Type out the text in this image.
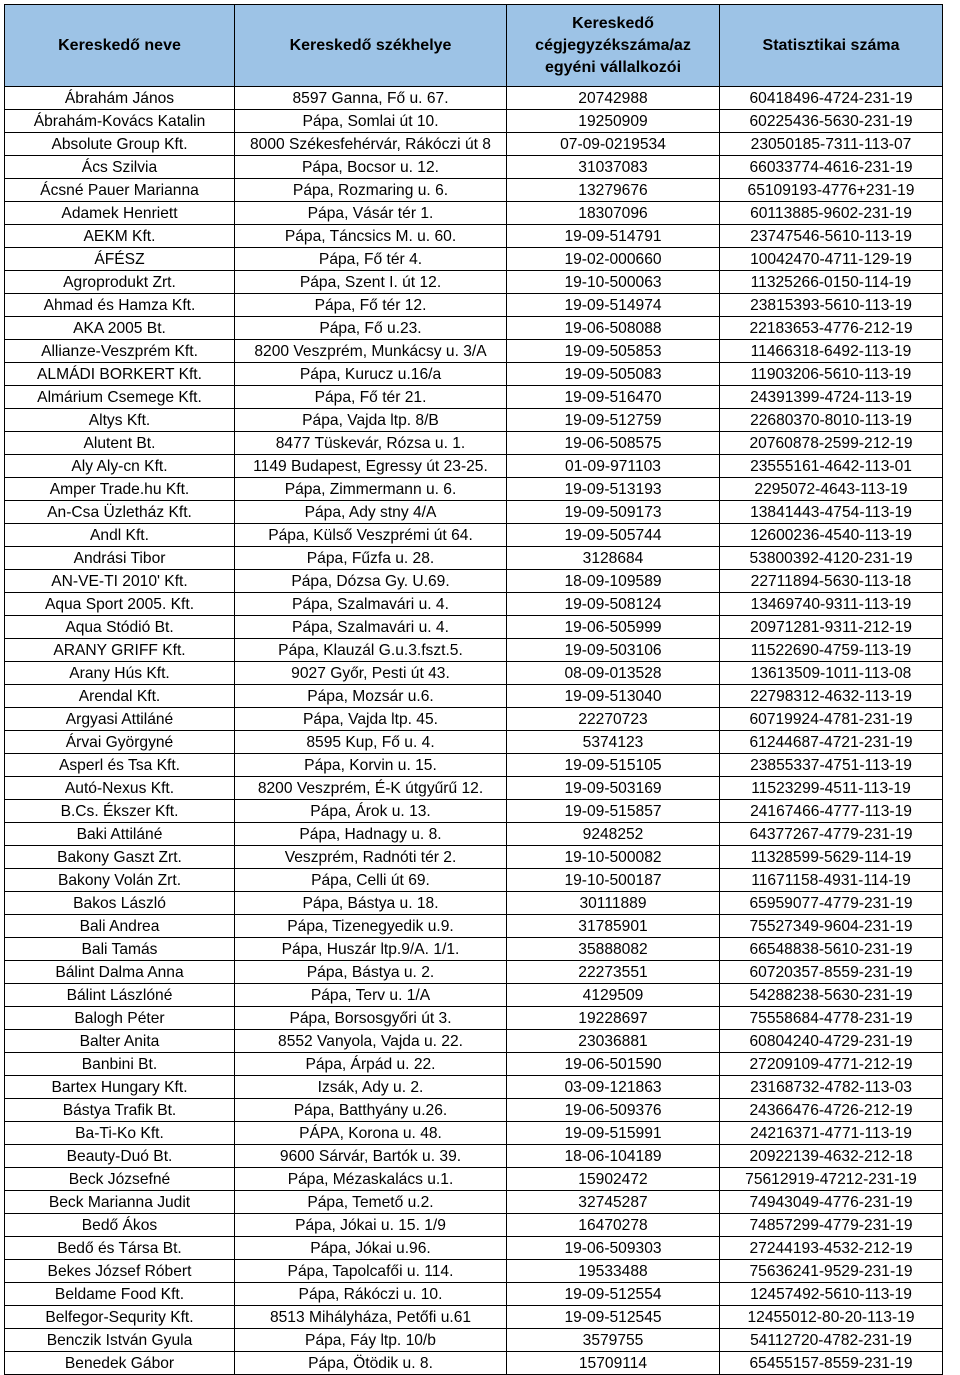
Kereskedő neve	Kereskedő székhelye	Kereskedő cégjegyzékszáma/az egyéni vállalkozói	Statisztikai száma
Ábrahám János	8597 Ganna, Fő u. 67.	20742988	60418496-4724-231-19
Ábrahám-Kovács Katalin	Pápa, Somlai út 10.	19250909	60225436-5630-231-19
Absolute Group Kft.	8000 Székesfehérvár, Rákóczi út 8	07-09-0219534	23050185-7311-113-07
Ács Szilvia	Pápa, Bocsor u. 12.	31037083	66033774-4616-231-19
Ácsné Pauer Marianna	Pápa, Rozmaring u. 6.	13279676	65109193-4776+231-19
Adamek Henriett	Pápa, Vásár tér 1.	18307096	60113885-9602-231-19
AEKM Kft.	Pápa, Táncsics M. u. 60.	19-09-514791	23747546-5610-113-19
ÁFÉSZ	Pápa, Fő tér 4.	19-02-000660	10042470-4711-129-19
Agroprodukt Zrt.	Pápa, Szent I. út 12.	19-10-500063	11325266-0150-114-19
Ahmad és Hamza Kft.	Pápa, Fő tér 12.	19-09-514974	23815393-5610-113-19
AKA 2005 Bt.	Pápa, Fő u.23.	19-06-508088	22183653-4776-212-19
Allianze-Veszprém Kft.	8200 Veszprém, Munkácsy u. 3/A	19-09-505853	11466318-6492-113-19
ALMÁDI BORKERT Kft.	Pápa, Kurucz u.16/a	19-09-505083	11903206-5610-113-19
Almárium Csemege Kft.	Pápa, Fő tér 21.	19-09-516470	24391399-4724-113-19
Altys Kft.	Pápa, Vajda ltp. 8/B	19-09-512759	22680370-8010-113-19
Alutent Bt.	8477 Tüskevár, Rózsa u. 1.	19-06-508575	20760878-2599-212-19
Aly Aly-cn Kft.	1149 Budapest, Egressy út 23-25.	01-09-971103	23555161-4642-113-01
Amper Trade.hu Kft.	Pápa, Zimmermann u. 6.	19-09-513193	2295072-4643-113-19
An-Csa Üzletház Kft.	Pápa, Ady stny 4/A	19-09-509173	13841443-4754-113-19
Andl Kft.	Pápa, Külső Veszprémi út 64.	19-09-505744	12600236-4540-113-19
Andrási Tibor	Pápa, Fűzfa u. 28.	3128684	53800392-4120-231-19
AN-VE-TI 2010' Kft.	Pápa, Dózsa Gy. U.69.	18-09-109589	22711894-5630-113-18
Aqua Sport 2005. Kft.	Pápa, Szalmavári u. 4.	19-09-508124	13469740-9311-113-19
Aqua Stódió Bt.	Pápa, Szalmavári u. 4.	19-06-505999	20971281-9311-212-19
ARANY GRIFF Kft.	Pápa, Klauzál G.u.3.fszt.5.	19-09-503106	11522690-4759-113-19
Arany Hús Kft.	9027 Győr, Pesti út 43.	08-09-013528	13613509-1011-113-08
Arendal Kft.	Pápa, Mozsár u.6.	19-09-513040	22798312-4632-113-19
Argyasi Attiláné	Pápa, Vajda ltp. 45.	22270723	60719924-4781-231-19
Árvai Györgyné	8595 Kup, Fő u. 4.	5374123	61244687-4721-231-19
Asperl és Tsa Kft.	Pápa, Korvin u. 15.	19-09-515105	23855337-4751-113-19
Autó-Nexus Kft.	8200 Veszprém, É-K útgyűrű 12.	19-09-503169	11523299-4511-113-19
B.Cs. Ékszer Kft.	Pápa, Árok u. 13.	19-09-515857	24167466-4777-113-19
Baki Attiláné	Pápa, Hadnagy u. 8.	9248252	64377267-4779-231-19
Bakony Gaszt Zrt.	Veszprém, Radnóti tér 2.	19-10-500082	11328599-5629-114-19
Bakony Volán Zrt.	Pápa, Celli út 69.	19-10-500187	11671158-4931-114-19
Bakos László	Pápa, Bástya u. 18.	30111889	65959077-4779-231-19
Bali Andrea	Pápa, Tizenegyedik u.9.	31785901	75527349-9604-231-19
Bali Tamás	Pápa, Huszár ltp.9/A. 1/1.	35888082	66548838-5610-231-19
Bálint Dalma Anna	Pápa, Bástya u. 2.	22273551	60720357-8559-231-19
Bálint Lászlóné	Pápa, Terv u. 1/A	4129509	54288238-5630-231-19
Balogh Péter	Pápa, Borsosgyőri út 3.	19228697	75558684-4778-231-19
Balter Anita	8552 Vanyola, Vajda u. 22.	23036881	60804240-4729-231-19
Banbini Bt.	Pápa, Árpád u. 22.	19-06-501590	27209109-4771-212-19
Bartex Hungary Kft.	Izsák, Ady u. 2.	03-09-121863	23168732-4782-113-03
Bástya Trafik Bt.	Pápa, Batthyány u.26.	19-06-509376	24366476-4726-212-19
Ba-Ti-Ko Kft.	PÁPA, Korona u. 48.	19-09-515991	24216371-4771-113-19
Beauty-Duó Bt.	9600 Sárvár, Bartók u. 39.	18-06-104189	20922139-4632-212-18
Beck Józsefné	Pápa, Mézaskalács u.1.	15902472	75612919-47212-231-19
Beck Marianna Judit	Pápa, Temető u.2.	32745287	74943049-4776-231-19
Bedő Ákos	Pápa, Jókai u. 15. 1/9	16470278	74857299-4779-231-19
Bedő és Társa Bt.	Pápa, Jókai u.96.	19-06-509303	27244193-4532-212-19
Bekes József Róbert	Pápa, Tapolcafői u. 114.	19533488	75636241-9529-231-19
Beldame Food Kft.	Pápa, Rákóczi u. 10.	19-09-512554	12457492-5610-113-19
Belfegor-Sequrity Kft.	8513 Mihályháza, Petőfi u.61	19-09-512545	12455012-80-20-113-19
Benczik István Gyula	Pápa, Fáy ltp. 10/b	3579755	54112720-4782-231-19
Benedek Gábor	Pápa, Ötödik u. 8.	15709114	65455157-8559-231-19
